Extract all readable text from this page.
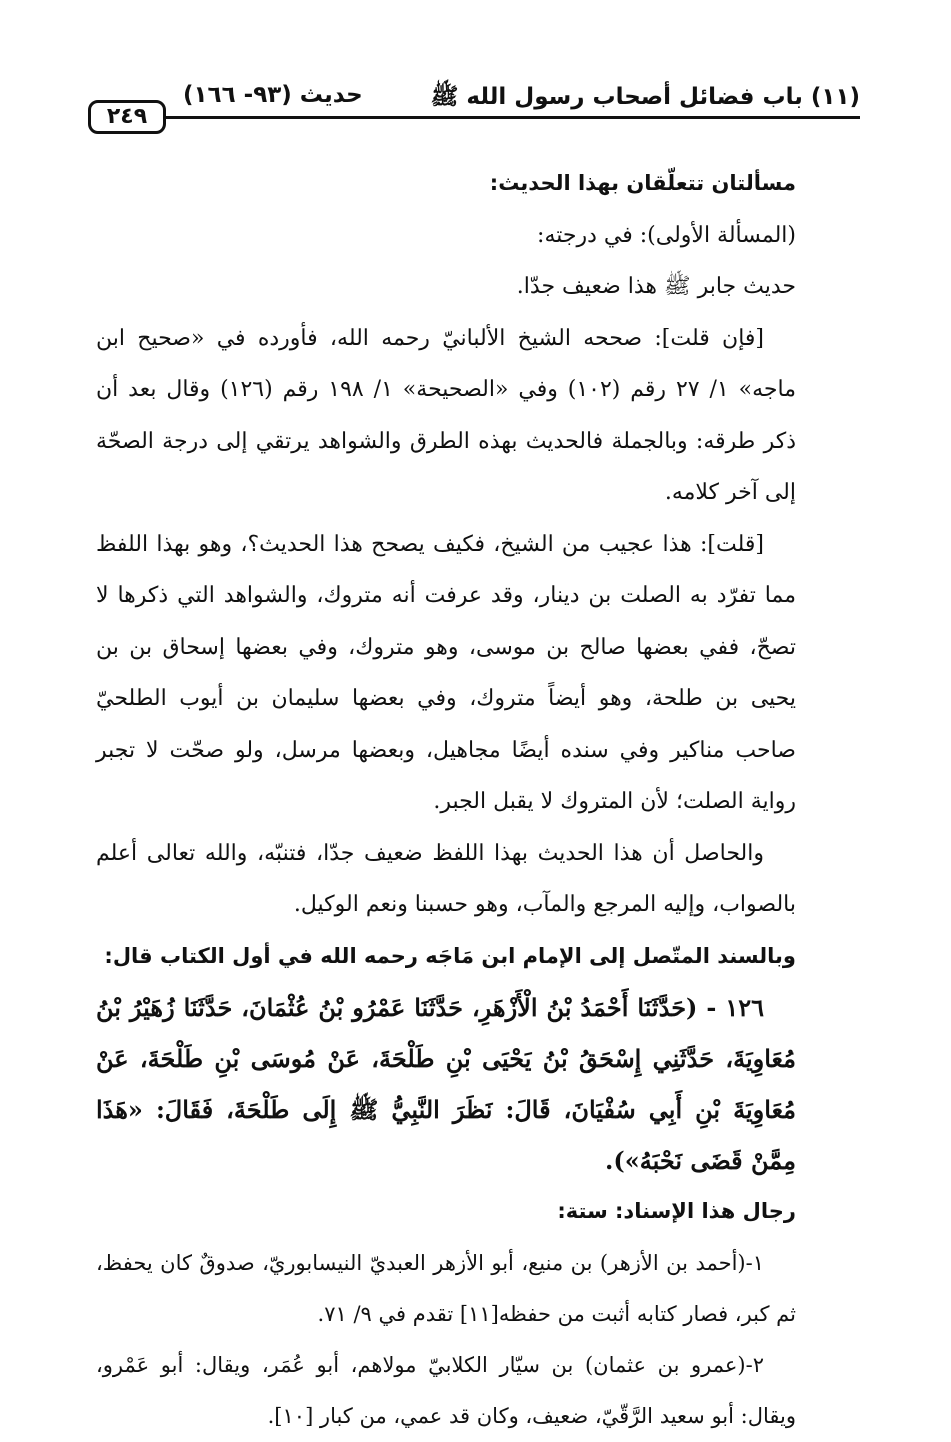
٢٤٩
حديث (٩٣- ١٦٦)	(١١) باب فضائل أصحاب رسول الله ﷺ

مسألتان تتعلّقان بهذا الحديث:

(المسألة الأولى): في درجته:

حديث جابر ﷺ هذا ضعيف جدّا.

[فإن قلت]: صححه الشيخ الألبانيّ رحمه الله، فأورده في «صحيح ابن ماجه» ١/ ٢٧ رقم (١٠٢) وفي «الصحيحة» ١/ ١٩٨ رقم (١٢٦) وقال بعد أن ذكر طرقه: وبالجملة فالحديث بهذه الطرق والشواهد يرتقي إلى درجة الصحّة إلى آخر كلامه.

[قلت]: هذا عجيب من الشيخ، فكيف يصحح هذا الحديث؟، وهو بهذا اللفظ مما تفرّد به الصلت بن دينار، وقد عرفت أنه متروك، والشواهد التي ذكرها لا تصحّ، ففي بعضها صالح بن موسى، وهو متروك، وفي بعضها إسحاق بن بن يحيى بن طلحة، وهو أيضاً متروك، وفي بعضها سليمان بن أيوب الطلحيّ صاحب مناكير وفي سنده أيضًا مجاهيل، وبعضها مرسل، ولو صحّت لا تجبر رواية الصلت؛ لأن المتروك لا يقبل الجبر.

والحاصل أن هذا الحديث بهذا اللفظ ضعيف جدّا، فتنبّه، والله تعالى أعلم بالصواب، وإليه المرجع والمآب، وهو حسبنا ونعم الوكيل.

وبالسند المتّصل إلى الإمام ابن مَاجَه رحمه الله في أول الكتاب قال:

١٢٦ - (حَدَّثَنَا أَحْمَدُ بْنُ الْأَزْهَرِ، حَدَّثَنَا عَمْرُو بْنُ عُثْمَانَ، حَدَّثَنَا زُهَيْرُ بْنُ مُعَاوِيَةَ، حَدَّثَنِي إِسْحَقُ بْنُ يَحْيَى بْنِ طَلْحَةَ، عَنْ مُوسَى بْنِ طَلْحَةَ، عَنْ مُعَاوِيَةَ بْنِ أَبِي سُفْيَانَ، قَالَ: نَظَرَ النَّبِيُّ ﷺ إِلَى طَلْحَةَ، فَقَالَ: «هَذَا مِمَّنْ قَضَى نَحْبَهُ»).

رجال هذا الإسناد: ستة:

١-(أحمد بن الأزهر) بن منيع، أبو الأزهر العبديّ النيسابوريّ، صدوقٌ كان يحفظ، ثم كبر، فصار كتابه أثبت من حفظه[١١] تقدم في ٩/ ٧١.

٢-(عمرو بن عثمان) بن سيّار الكلابيّ مولاهم، أبو عُمَر، ويقال: أبو عَمْرو، ويقال: أبو سعيد الرَّقّيّ، ضعيف، وكان قد عمي، من كبار [١٠].
